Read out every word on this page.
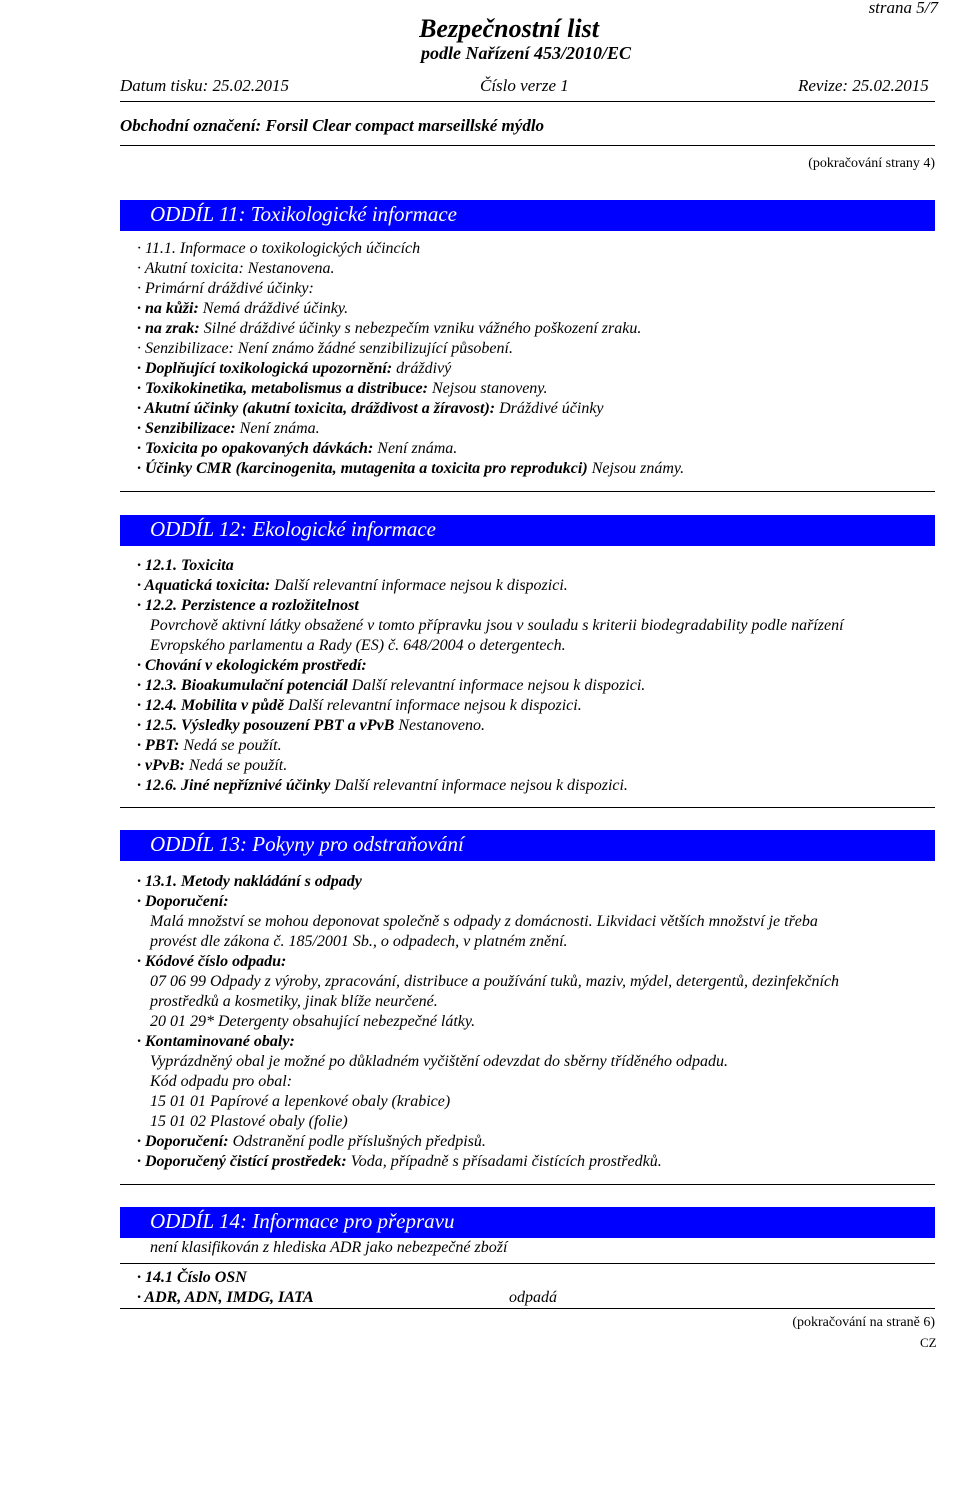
strana 5/7
Bezpečnostní list
podle Nařízení 453/2010/EC
Datum tisku: 25.02.2015	Číslo verze 1	Revize: 25.02.2015
Obchodní označení: Forsil Clear compact marseillské mýdlo
(pokračování strany 4)
ODDÍL 11: Toxikologické informace
· 11.1. Informace o toxikologických účincích
· Akutní toxicita: Nestanovena.
· Primární dráždivé účinky:
· na kůži: Nemá dráždivé účinky.
· na zrak: Silné dráždivé účinky s nebezpečím vzniku vážného poškození zraku.
· Senzibilizace: Není známo žádné senzibilizující působení.
· Doplňující toxikologická upozornění: dráždivý
· Toxikokinetika, metabolismus a distribuce: Nejsou stanoveny.
· Akutní účinky (akutní toxicita, dráždivost a žíravost): Dráždivé účinky
· Senzibilizace: Není známa.
· Toxicita po opakovaných dávkách: Není známa.
· Účinky CMR (karcinogenita, mutagenita a toxicita pro reprodukci) Nejsou známy.
ODDÍL 12: Ekologické informace
· 12.1. Toxicita
· Aquatická toxicita: Další relevantní informace nejsou k dispozici.
· 12.2. Perzistence a rozložitelnost
Povrchově aktivní látky obsažené v tomto přípravku jsou v souladu s kriterii biodegradability podle nařízení
Evropského parlamentu a Rady (ES) č. 648/2004 o detergentech.
· Chování v ekologickém prostředí:
· 12.3. Bioakumulační potenciál Další relevantní informace nejsou k dispozici.
· 12.4. Mobilita v půdě Další relevantní informace nejsou k dispozici.
· 12.5. Výsledky posouzení PBT a vPvB Nestanoveno.
· PBT: Nedá se použít.
· vPvB: Nedá se použít.
· 12.6. Jiné nepříznivé účinky Další relevantní informace nejsou k dispozici.
ODDÍL 13: Pokyny pro odstraňování
· 13.1. Metody nakládání s odpady
· Doporučení:
Malá množství se mohou deponovat společně s odpady z domácnosti. Likvidaci větších množství je třeba
provést dle zákona č. 185/2001 Sb., o odpadech, v platném znění.
· Kódové číslo odpadu:
07 06 99 Odpady z výroby, zpracování, distribuce a používání tuků, maziv, mýdel, detergentů, dezinfekčních
prostředků a kosmetiky, jinak blíže neurčené.
20 01 29* Detergenty obsahující nebezpečné látky.
· Kontaminované obaly:
Vyprázdněný obal je možné po důkladném vyčištění odevzdat do sběrny tříděného odpadu.
Kód odpadu pro obal:
15 01 01 Papírové a lepenkové obaly (krabice)
15 01 02 Plastové obaly (folie)
· Doporučení: Odstranění podle příslušných předpisů.
· Doporučený čistící prostředek: Voda, případně s přísadami čistících prostředků.
ODDÍL 14: Informace pro přepravu
není klasifikován z hlediska ADR jako nebezpečné zboží
· 14.1 Číslo OSN
· ADR, ADN, IMDG, IATA	odpadá
(pokračování na straně 6)
CZ
